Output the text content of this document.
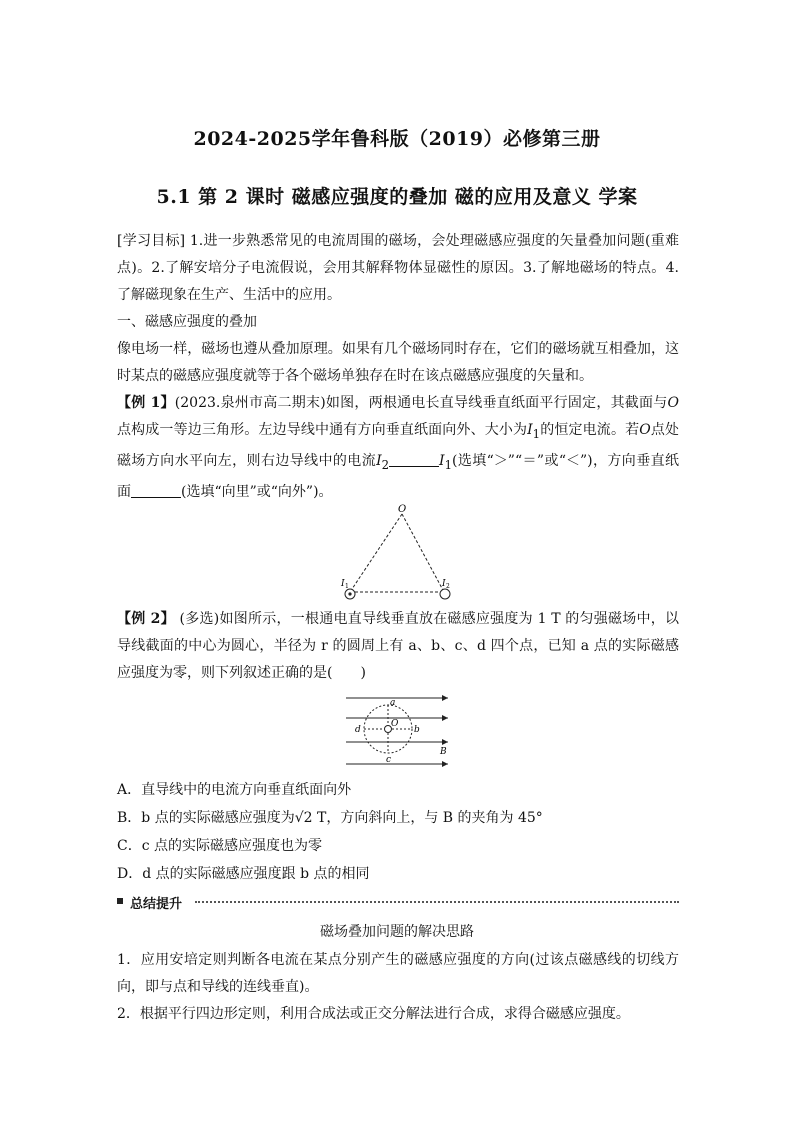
2024-2025学年鲁科版（2019）必修第三册
5.1 第 2 课时 磁感应强度的叠加 磁的应用及意义 学案

[学习目标] 1.进一步熟悉常见的电流周围的磁场，会处理磁感应强度的矢量叠加问题(重难点)。2.了解安培分子电流假说，会用其解释物体显磁性的原因。3.了解地磁场的特点。4.了解磁现象在生产、生活中的应用。

一、磁感应强度的叠加

像电场一样，磁场也遵从叠加原理。如果有几个磁场同时存在，它们的磁场就互相叠加，这时某点的磁感应强度就等于各个磁场单独存在时在该点磁感应强度的矢量和。

【例 1】(2023.泉州市高二期末)如图，两根通电长直导线垂直纸面平行固定，其截面与O点构成一等边三角形。左边导线中通有方向垂直纸面向外、大小为$I_1$的恒定电流。若O点处磁场方向水平向左，则右边导线中的电流$I_2$	$I_1$(选填“＞”“＝”或“＜”)，方向垂直纸面	(选填“向里”或“向外”)。

O
I 1	I 2

【例 2】 (多选)如图所示，一根通电直导线垂直放在磁感应强度为 1 T 的匀强磁场中，以导线截面的中心为圆心，半径为 r 的圆周上有 a、b、c、d 四个点，已知 a 点的实际磁感应强度为零，则下列叙述正确的是(　　)

a
b
c
d
O
B
A．直导线中的电流方向垂直纸面向外
B．b 点的实际磁感应强度为√2 T，方向斜向上，与 B 的夹角为 45°
C．c 点的实际磁感应强度也为零
D．d 点的实际磁感应强度跟 b 点的相同
总结提升
磁场叠加问题的解决思路

1．应用安培定则判断各电流在某点分别产生的磁感应强度的方向(过该点磁感线的切线方向，即与点和导线的连线垂直)。

2．根据平行四边形定则，利用合成法或正交分解法进行合成，求得合磁感应强度。
